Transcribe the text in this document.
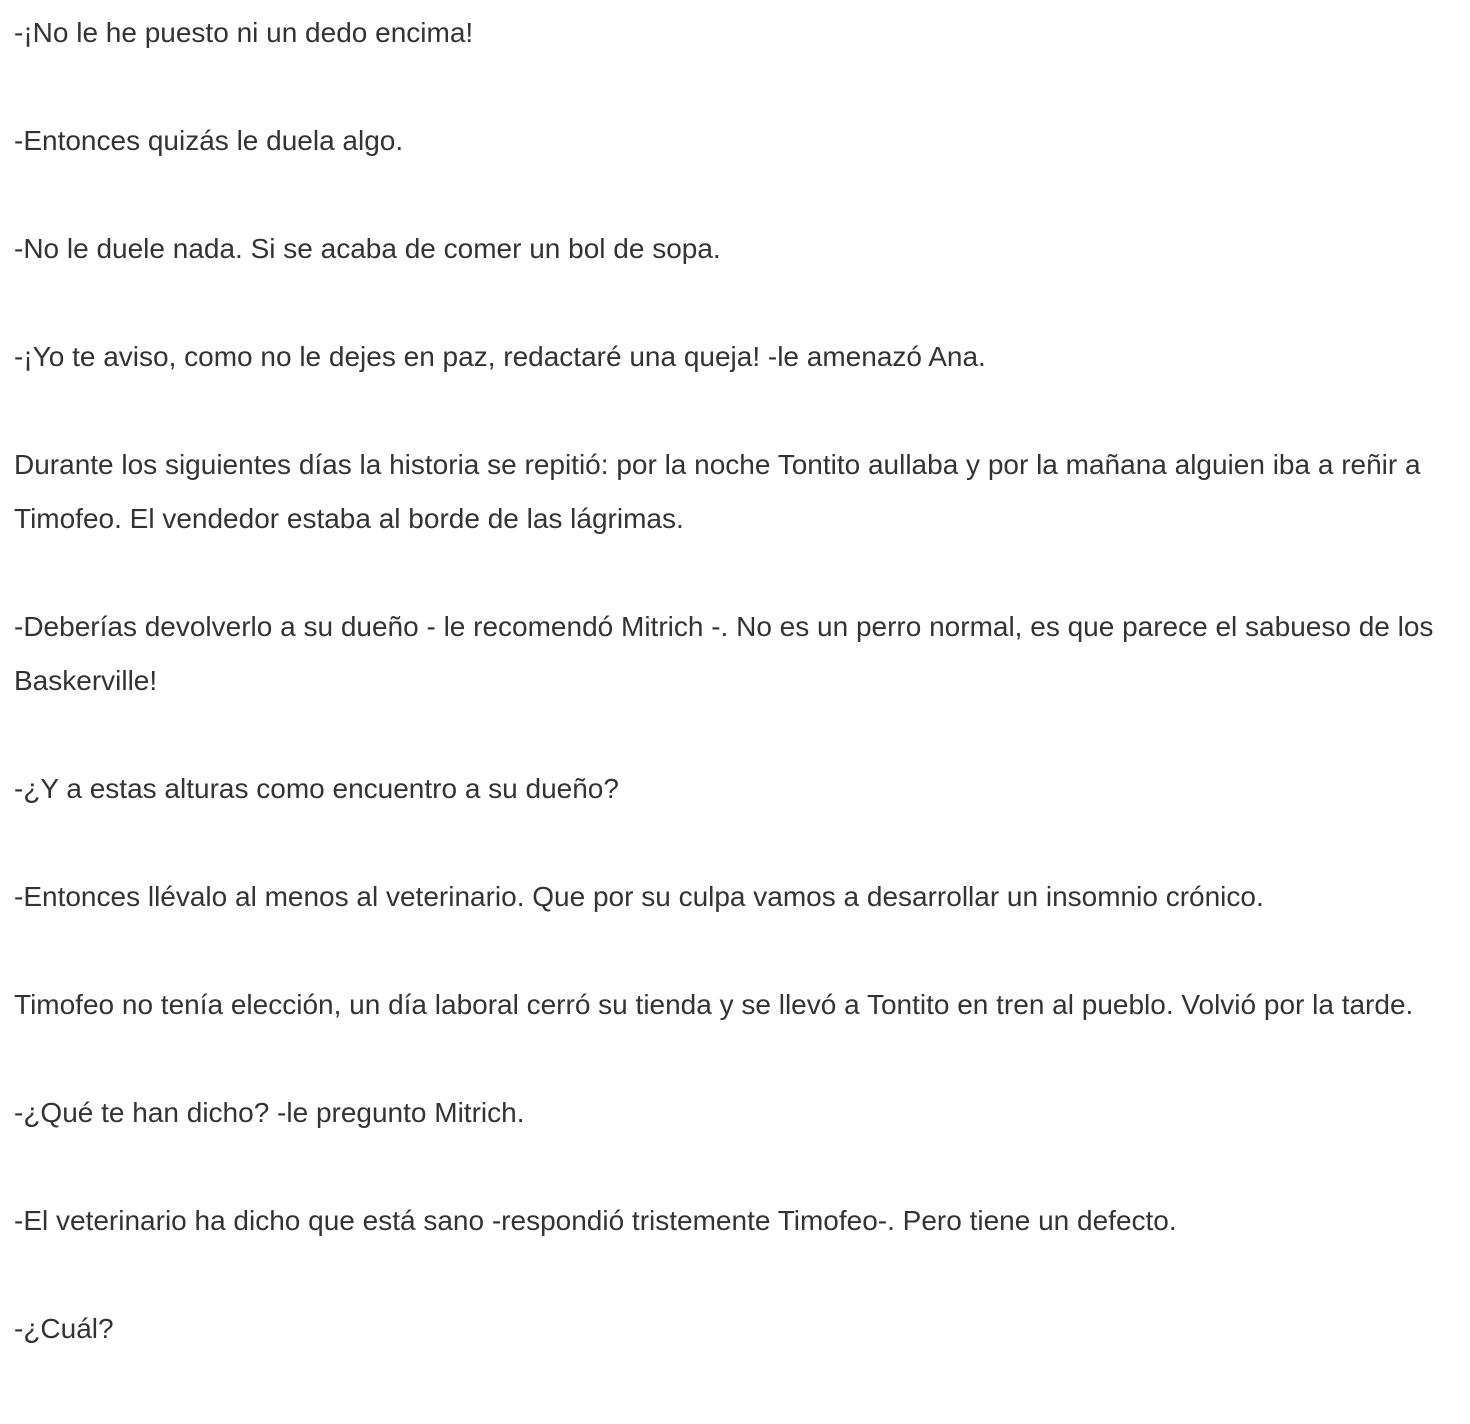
-¡No le he puesto ni un dedo encima!

-Entonces quizás le duela algo.

-No le duele nada. Si se acaba de comer un bol de sopa.

-¡Yo te aviso, como no le dejes en paz, redactaré una queja! -le amenazó Ana.

Durante los siguientes días la historia se repitió: por la noche Tontito aullaba y por la mañana alguien iba a reñir a Timofeo. El vendedor estaba al borde de las lágrimas.

-Deberías devolverlo a su dueño - le recomendó Mitrich -. No es un perro normal, es que parece el sabueso de los Baskerville!

-¿Y a estas alturas como encuentro a su dueño?

-Entonces llévalo al menos al veterinario. Que por su culpa vamos a desarrollar un insomnio crónico.

Timofeo no tenía elección, un día laboral cerró su tienda y se llevó a Tontito en tren al pueblo. Volvió por la tarde.

-¿Qué te han dicho? -le pregunto Mitrich.

-El veterinario ha dicho que está sano -respondió tristemente Timofeo-. Pero tiene un defecto.

-¿Cuál?
